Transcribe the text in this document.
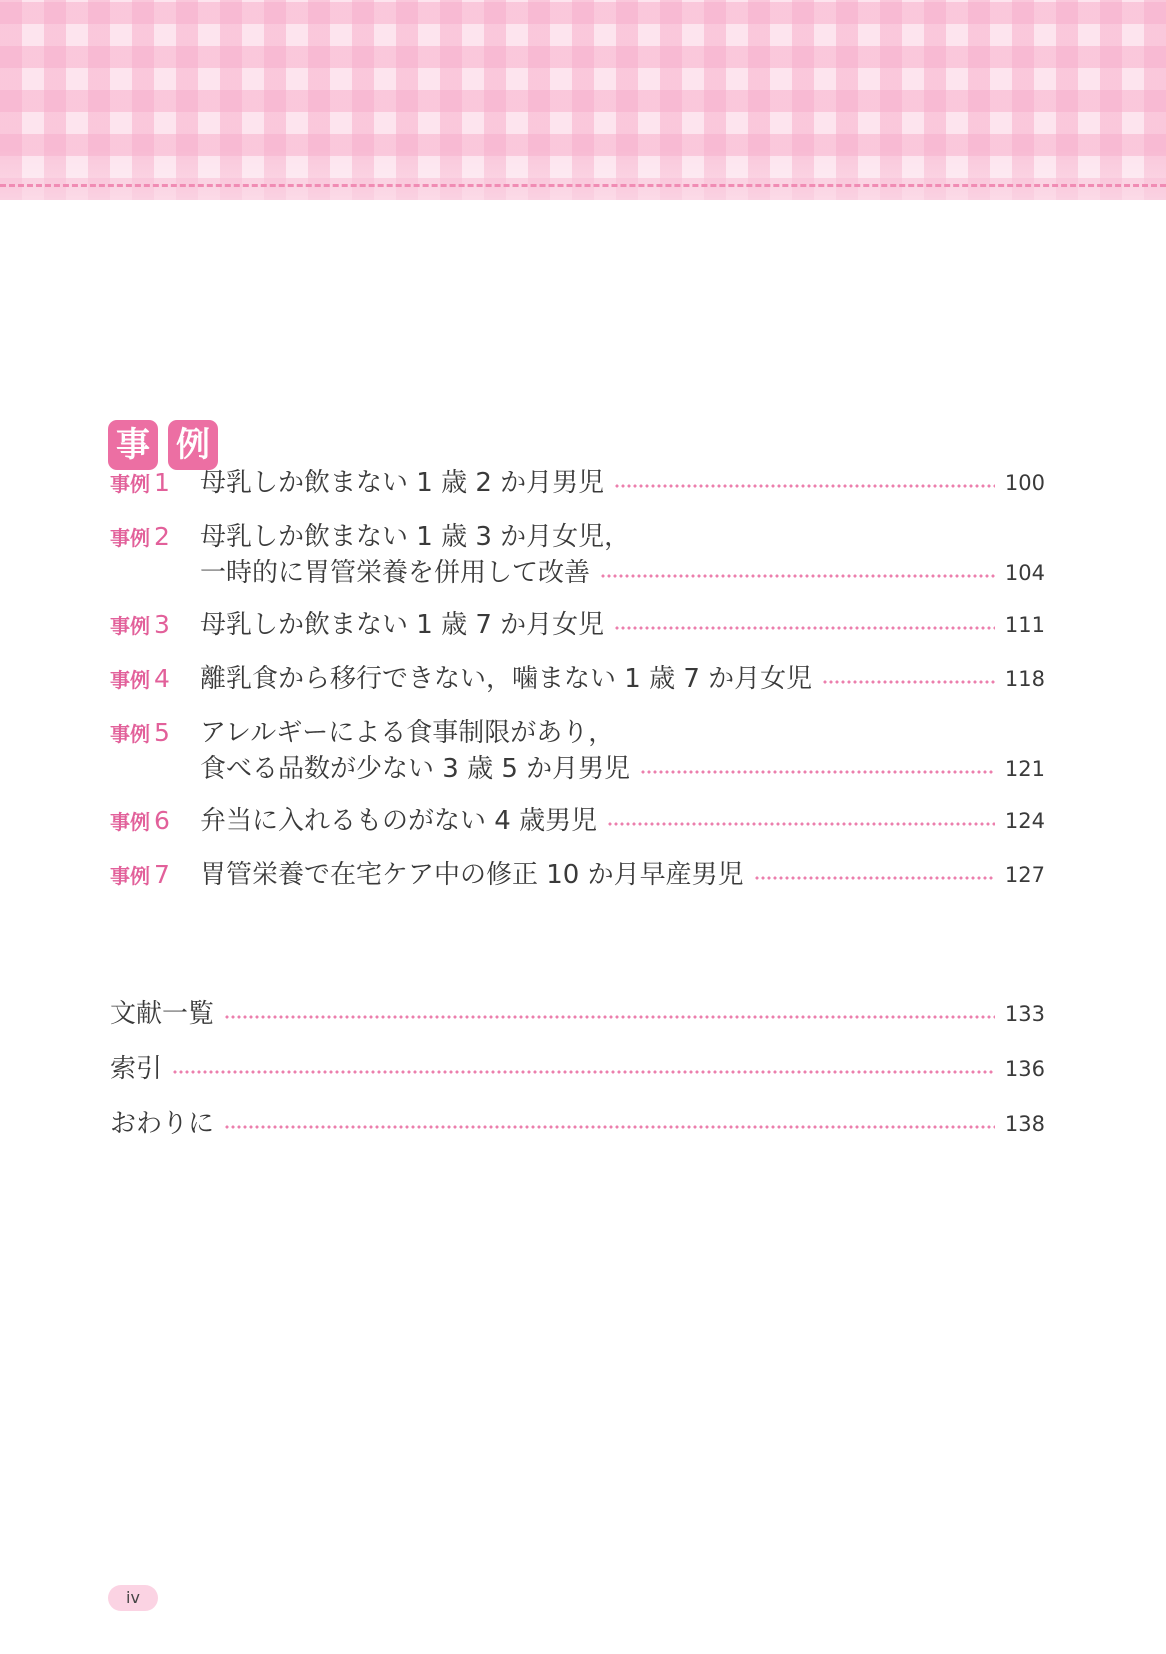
事 例
事例 1 母乳しか飲まない 1 歳 2 か月男児	100
事例 2 母乳しか飲まない 1 歳 3 か月女児，
一時的に胃管栄養を併用して改善	104
事例 3 母乳しか飲まない 1 歳 7 か月女児	111
事例 4 離乳食から移行できない，噛まない 1 歳 7 か月女児	118
事例 5 アレルギーによる食事制限があり，
食べる品数が少ない 3 歳 5 か月男児	121
事例 6 弁当に入れるものがない 4 歳男児	124
事例 7 胃管栄養で在宅ケア中の修正 10 か月早産男児	127
文献一覧	133
索引	136
おわりに	138
iv
